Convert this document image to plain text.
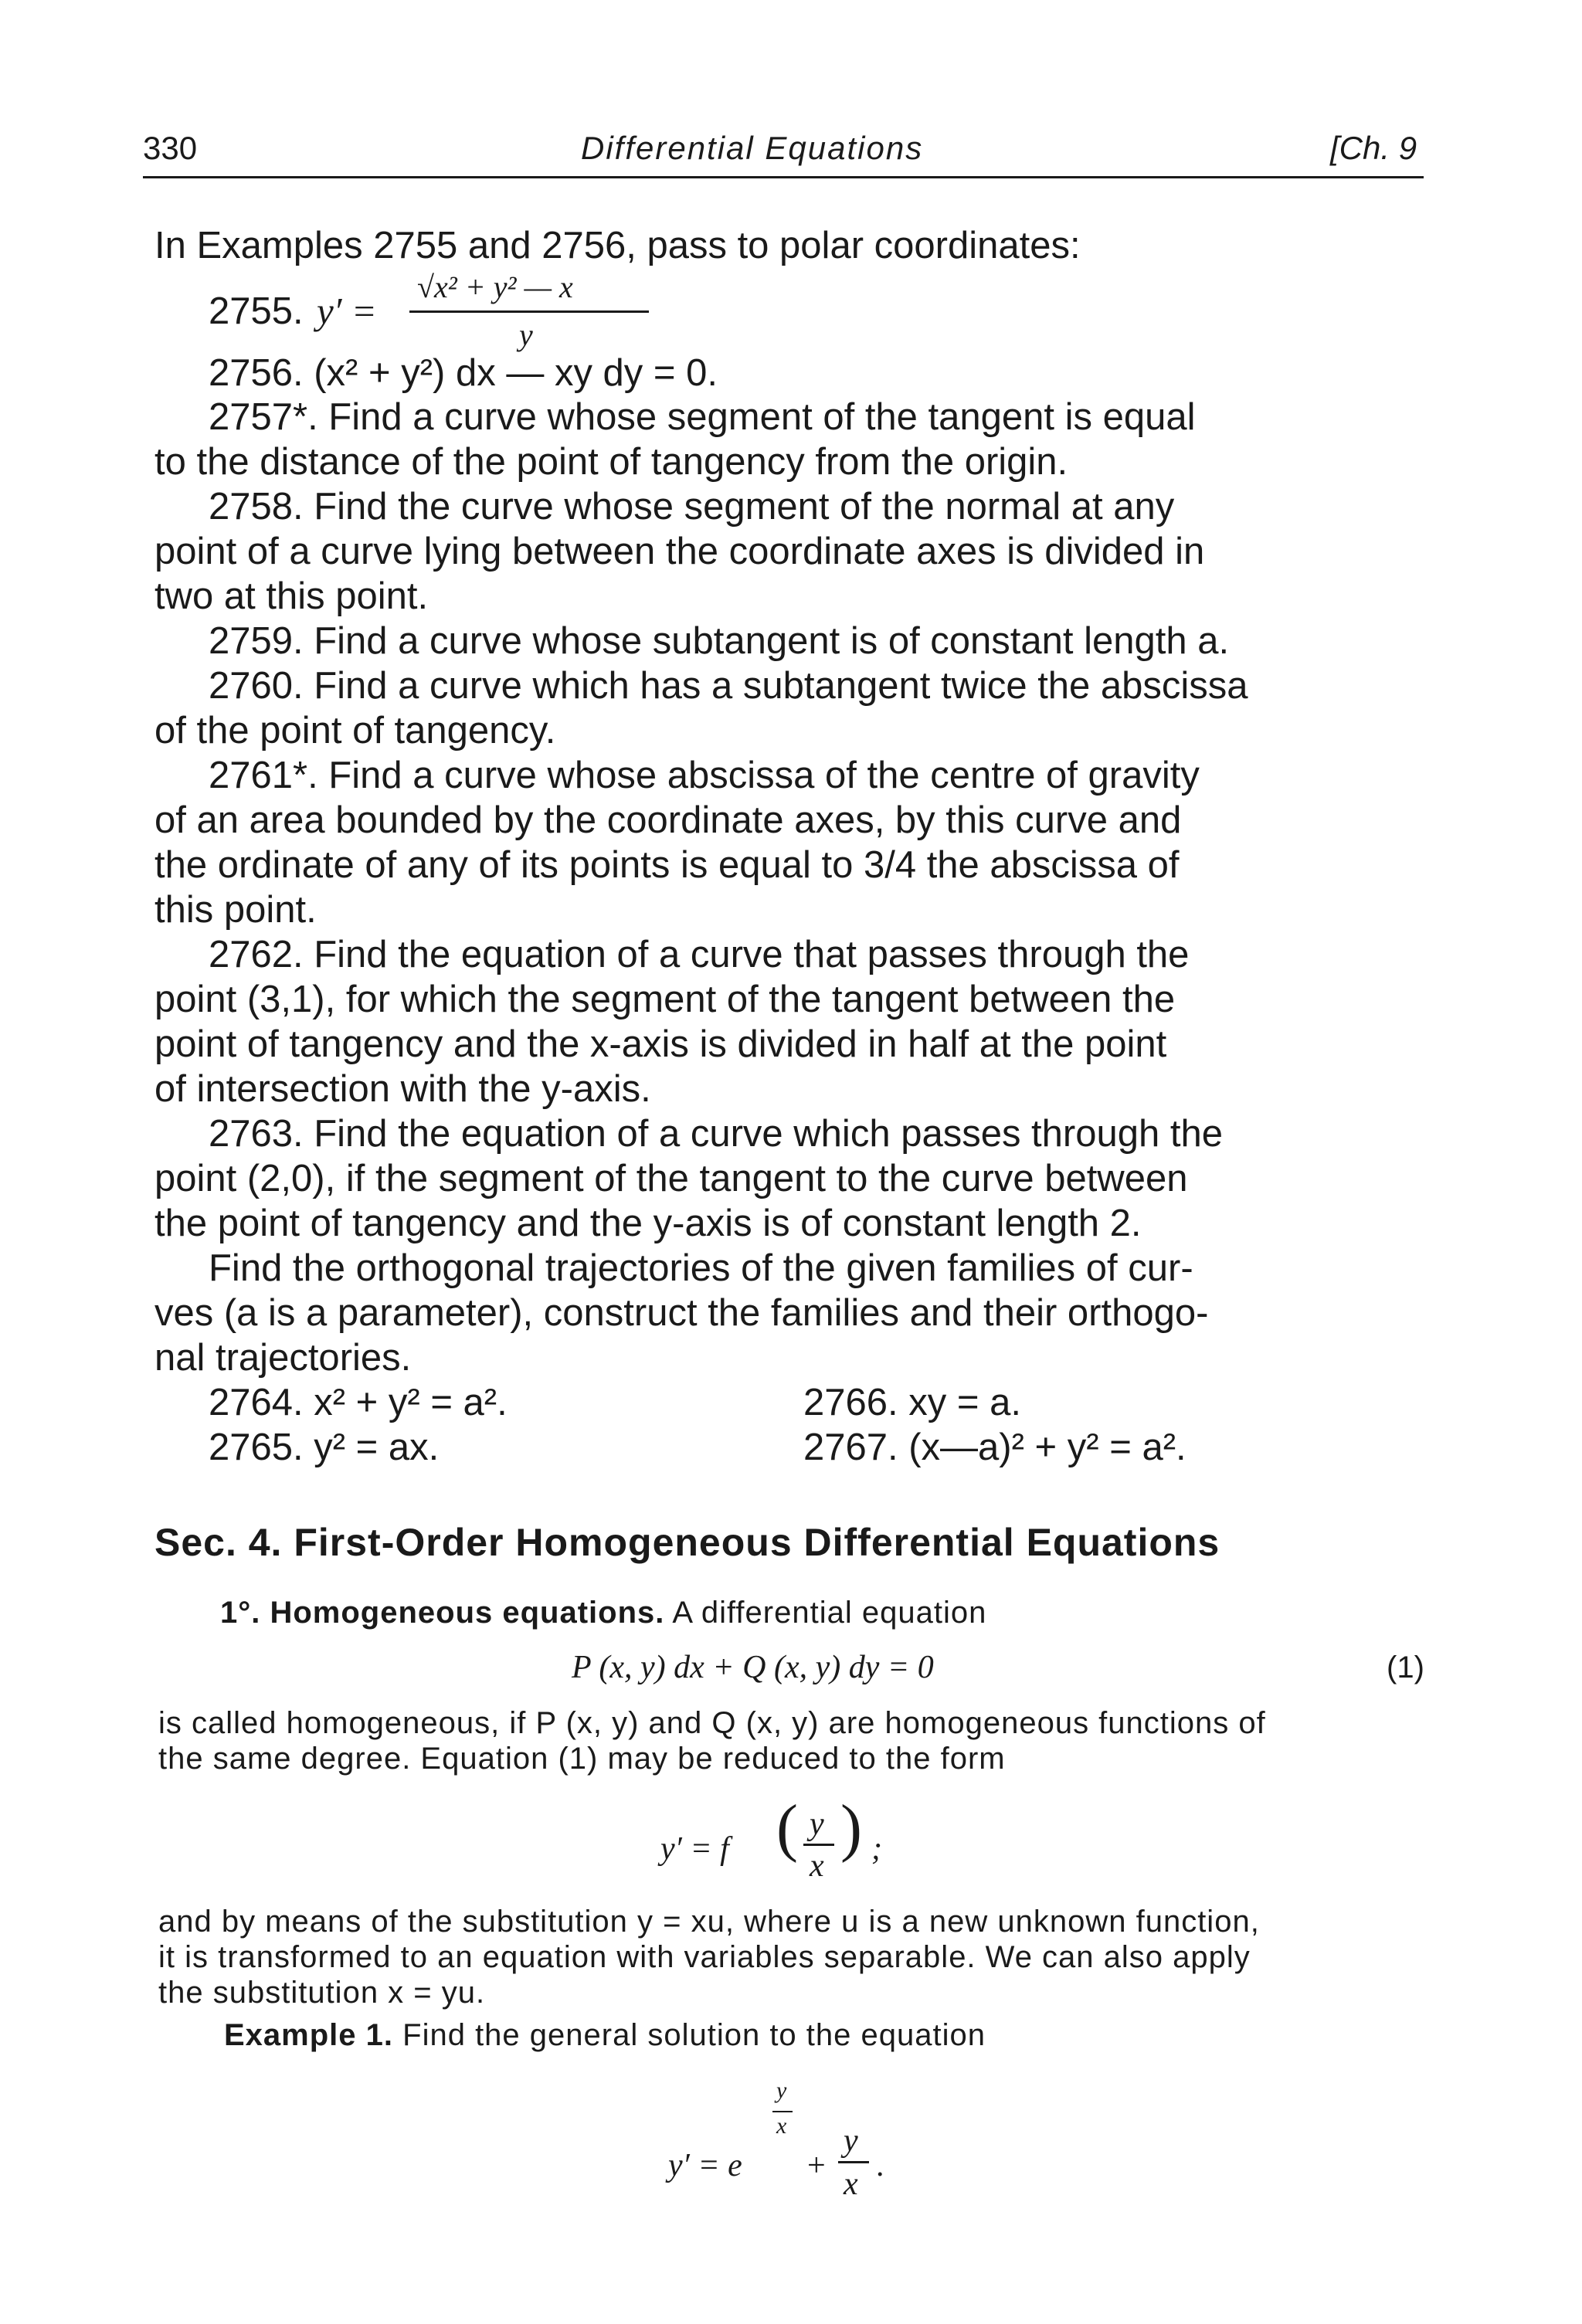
330	Differential Equations	[Ch. 9
In Examples 2755 and 2756, pass to polar coordinates:
2755. y′ =
√x² + y² — x
y
2756. (x² + y²) dx — xy dy = 0.
2757*. Find a curve whose segment of the tangent is equal
to the distance of the point of tangency from the origin.
2758. Find the curve whose segment of the normal at any
point of a curve lying between the coordinate axes is divided in
two at this point.
2759. Find a curve whose subtangent is of constant length a.
2760. Find a curve which has a subtangent twice the abscissa
of the point of tangency.
2761*. Find a curve whose abscissa of the centre of gravity
of an area bounded by the coordinate axes, by this curve and
the ordinate of any of its points is equal to 3/4 the abscissa of
this point.
2762. Find the equation of a curve that passes through the
point (3,1), for which the segment of the tangent between the
point of tangency and the x-axis is divided in half at the point
of intersection with the y-axis.
2763. Find the equation of a curve which passes through the
point (2,0), if the segment of the tangent to the curve between
the point of tangency and the y-axis is of constant length 2.
Find the orthogonal trajectories of the given families of cur-
ves (a is a parameter), construct the families and their orthogo-
nal trajectories.
2764. x² + y² = a².
2765. y² = ax.
2766. xy = a.
2767. (x—a)² + y² = a².
Sec. 4. First-Order Homogeneous Differential Equations
1°. Homogeneous equations. A differential equation
P (x, y) dx + Q (x, y) dy = 0	(1)
is called homogeneous, if P (x, y) and Q (x, y) are homogeneous functions of
the same degree. Equation (1) may be reduced to the form
y′ = f ( y
x
) ;
and by means of the substitution y = xu, where u is a new unknown function,
it is transformed to an equation with variables separable. We can also apply
the substitution x = yu.
Example 1. Find the general solution to the equation
y′ = e
y
x
+
y
x
.
